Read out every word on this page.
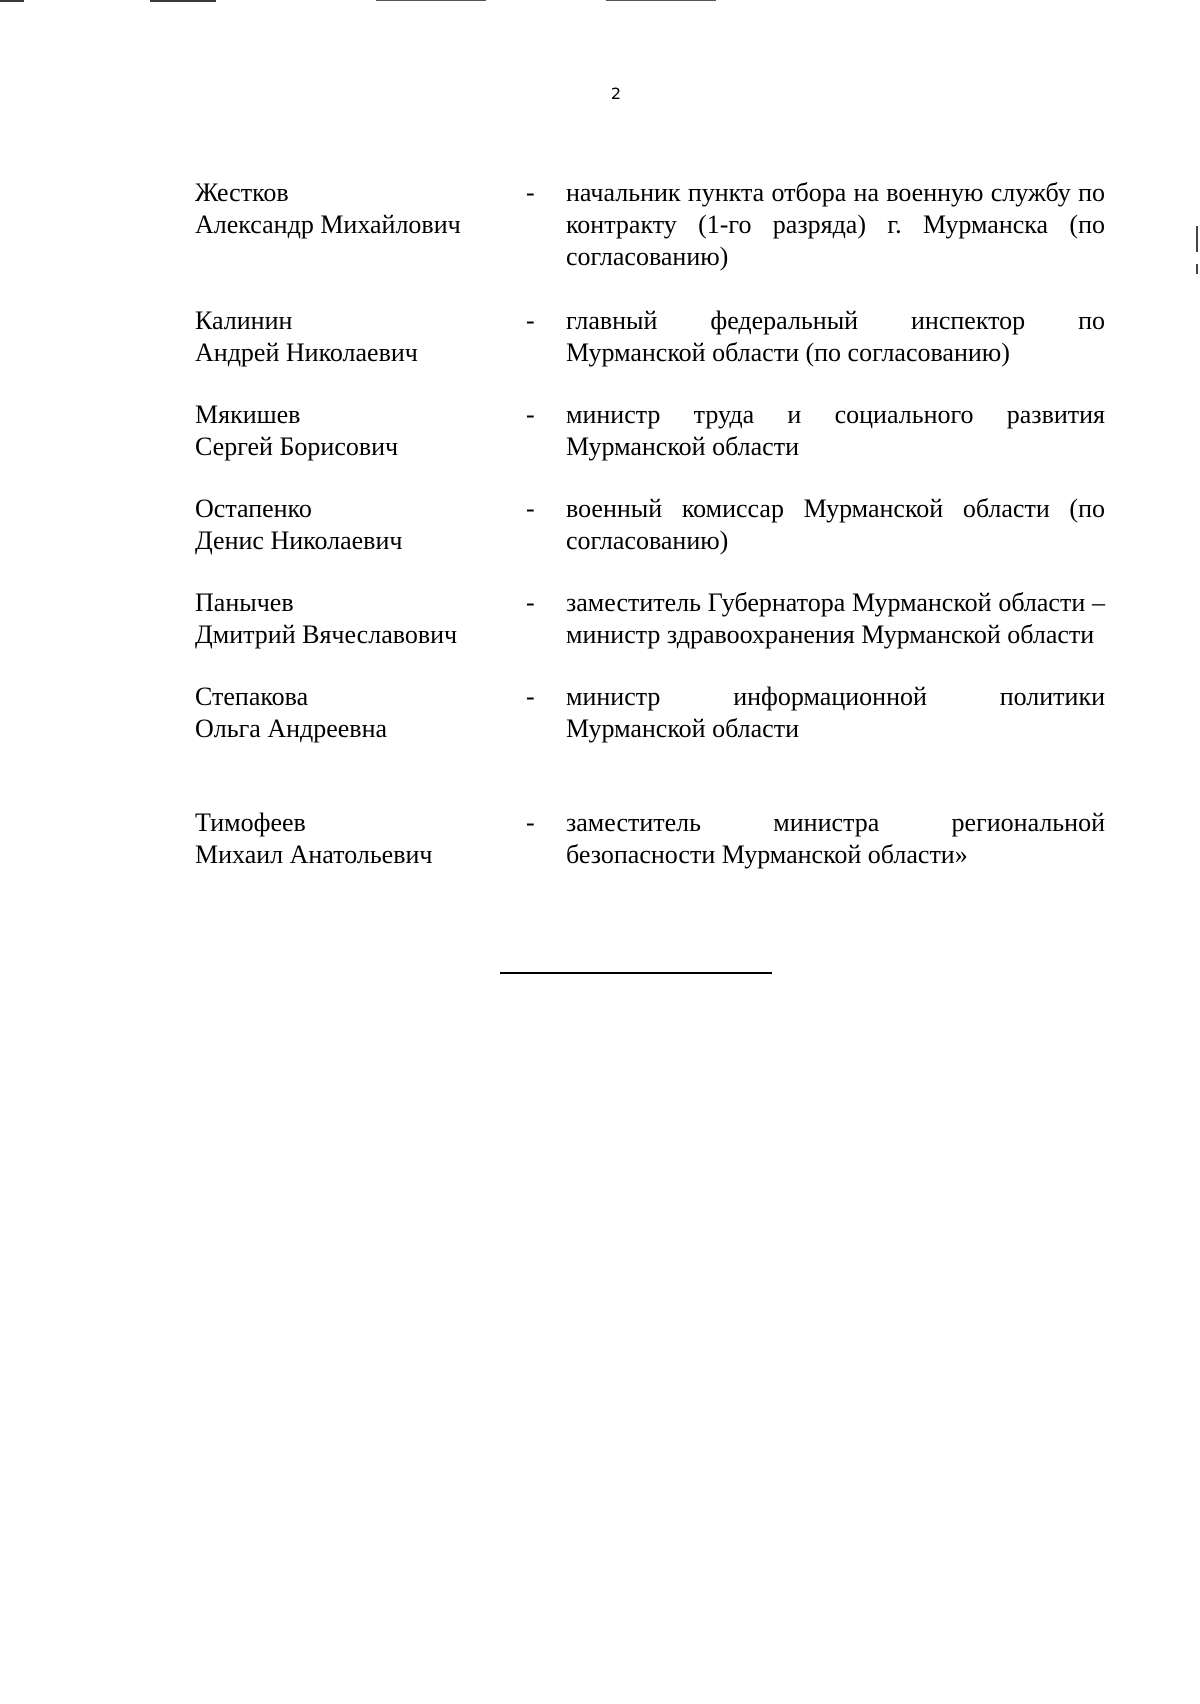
2
Жестков
Александр Михайлович
- начальник пункта отбора на военную службу по контракту (1-го разряда) г. Мурманска (по согласованию)
Калинин
Андрей Николаевич
- главный федеральный инспектор по Мурманской области (по согласованию)
Мякишев
Сергей Борисович
- министр труда и социального развития Мурманской области
Остапенко
Денис Николаевич
- военный комиссар Мурманской области (по согласованию)
Панычев
Дмитрий Вячеславович
- заместитель Губернатора Мурманской области – министр здравоохранения Мурманской области
Степакова
Ольга Андреевна
- министр информационной политики Мурманской области
Тимофеев
Михаил Анатольевич
- заместитель министра региональной безопасности Мурманской области»
